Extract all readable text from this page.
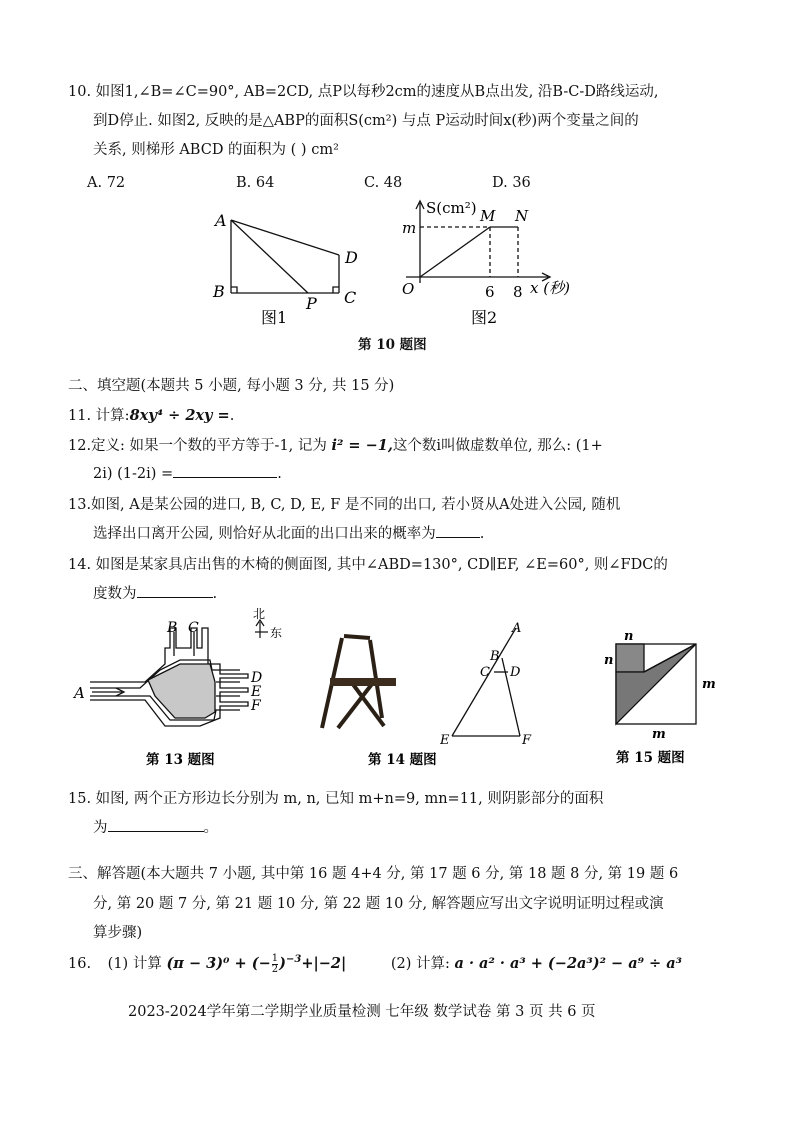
10. 如图1,∠B=∠C=90°, AB=2CD, 点P以每秒2cm的速度从B点出发, 沿B-C-D路线运动,
到D停止. 如图2, 反映的是△ABP的面积S(cm²) 与点 P运动时间x(秒)两个变量之间的
关系, 则梯形 ABCD 的面积为 ( ) cm²
A. 72	B. 64	C. 48	D. 36
A
B	C
D
P
图1
S(cm²)
m
M N
O	6 8 x (秒)
图2
第 10 题图
二、填空题(本题共 5 小题, 每小题 3 分, 共 15 分)
11. 计算:8xy⁴ ÷ 2xy =.
12.定义: 如果一个数的平方等于-1, 记为 i² = −1,这个数i叫做虚数单位, 那么: (1+
2i) (1-2i) =	.
13.如图, A是某公园的进口, B, C, D, E, F 是不同的出口, 若小贤从A处进入公园, 随机
选择出口离开公园, 则恰好从北面的出口出来的概率为	.
14. 如图是某家具店出售的木椅的侧面图, 其中∠ABD=130°, CD∥EF, ∠E=60°, 则∠FDC的
度数为	.
A
B C
D
E
F
北
东
第 13 题图	第 14 题图
A
B
C D
E	F
n
n
m
m
第 15 题图
15. 如图, 两个正方形边长分别为 m, n, 已知 m+n=9, mn=11, 则阴影部分的面积
为	。
三、解答题(本大题共 7 小题, 其中第 16 题 4+4 分, 第 17 题 6 分, 第 18 题 8 分, 第 19 题 6
分, 第 20 题 7 分, 第 21 题 10 分, 第 22 题 10 分, 解答题应写出文字说明证明过程或演
算步骤)
16. (1) 计算 (π − 3)⁰ + (− $\frac{1}{2} )^{-3}+|-2|$	(2) 计算: a · a² · a³ + (−2a³)² − a⁹ ÷ a³
2023-2024学年第二学期学业质量检测 七年级 数学试卷 第 3 页 共 6 页
